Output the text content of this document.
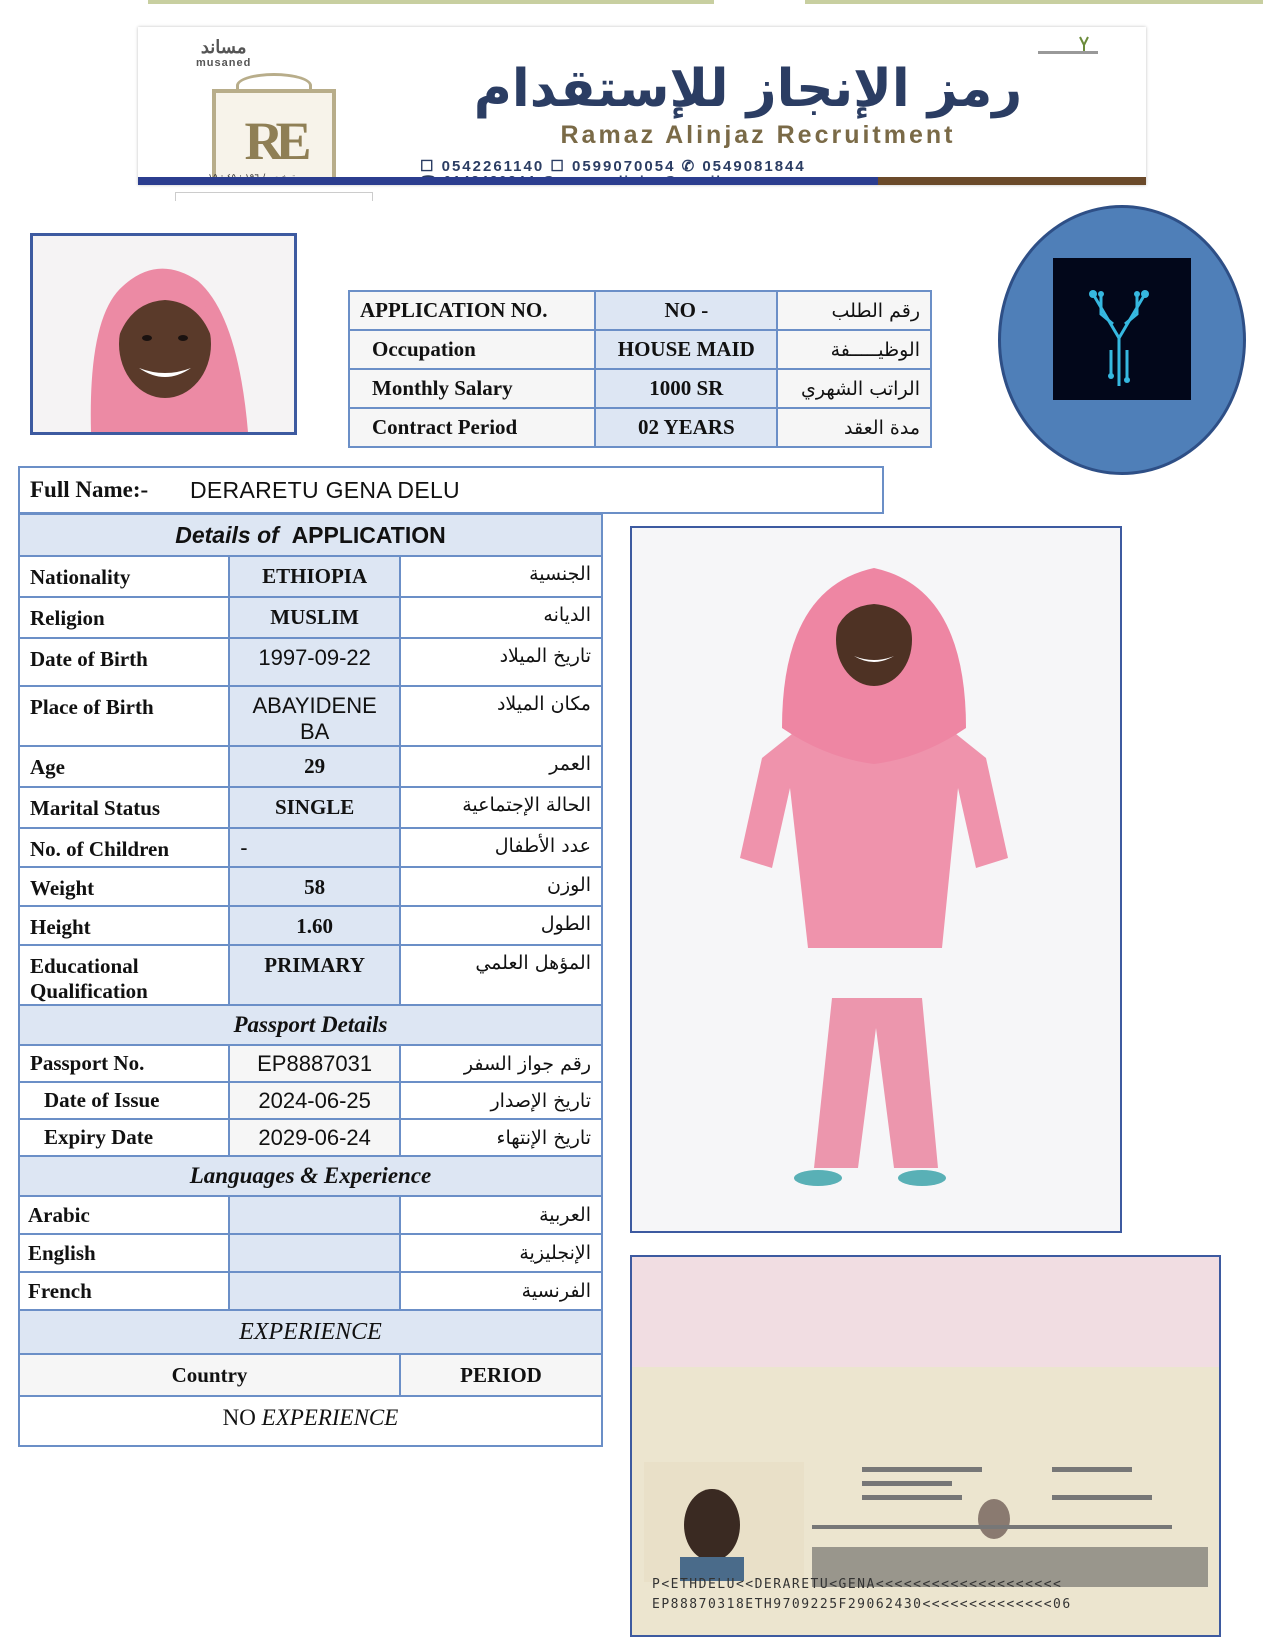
مساند
musaned
RE
رمز الإنجاز للإستقدام
Ramaz Alinjaz Recruitment
☐ 0542261140 ☐ 0599070054 ✆ 0549081844
APPLICATION NO.	NO -	رقم الطلب
Occupation	HOUSE MAID	الوظيـــــفة
Monthly Salary	1000 SR	الراتب الشهري
Contract Period	02 YEARS	مدة العقد
Full Name:-	DERARETU GENA DELU
Details of APPLICATION		
Nationality	ETHIOPIA	الجنسية
Religion	MUSLIM	الديانه
Date of Birth	1997-09-22	تاريخ الميلاد
Place of Birth	ABAYIDENE BA	مكان الميلاد
Age	29	العمر
Marital Status	SINGLE	الحالة الإجتماعية
No. of Children	-	عدد الأطفال
Weight	58	الوزن
Height	1.60	الطول
Educational Qualification	PRIMARY	المؤهل العلمي
Passport Details		
Passport No.	EP8887031	رقم جواز السفر
Date of Issue	2024-06-25	تاريخ الإصدار
Expiry Date	2029-06-24	تاريخ الإنتهاء
Languages & Experience		
Arabic		العربية
English		الإنجليزية
French		الفرنسية
EXPERIENCE		
Country		PERIOD
NO EXPERIENCE		
P<ETHDELU<<DERARETU<GENA<<<<<<<<<<<<<<<<<<<<
EP88870318ETH9709225F29062430<<<<<<<<<<<<<<06
